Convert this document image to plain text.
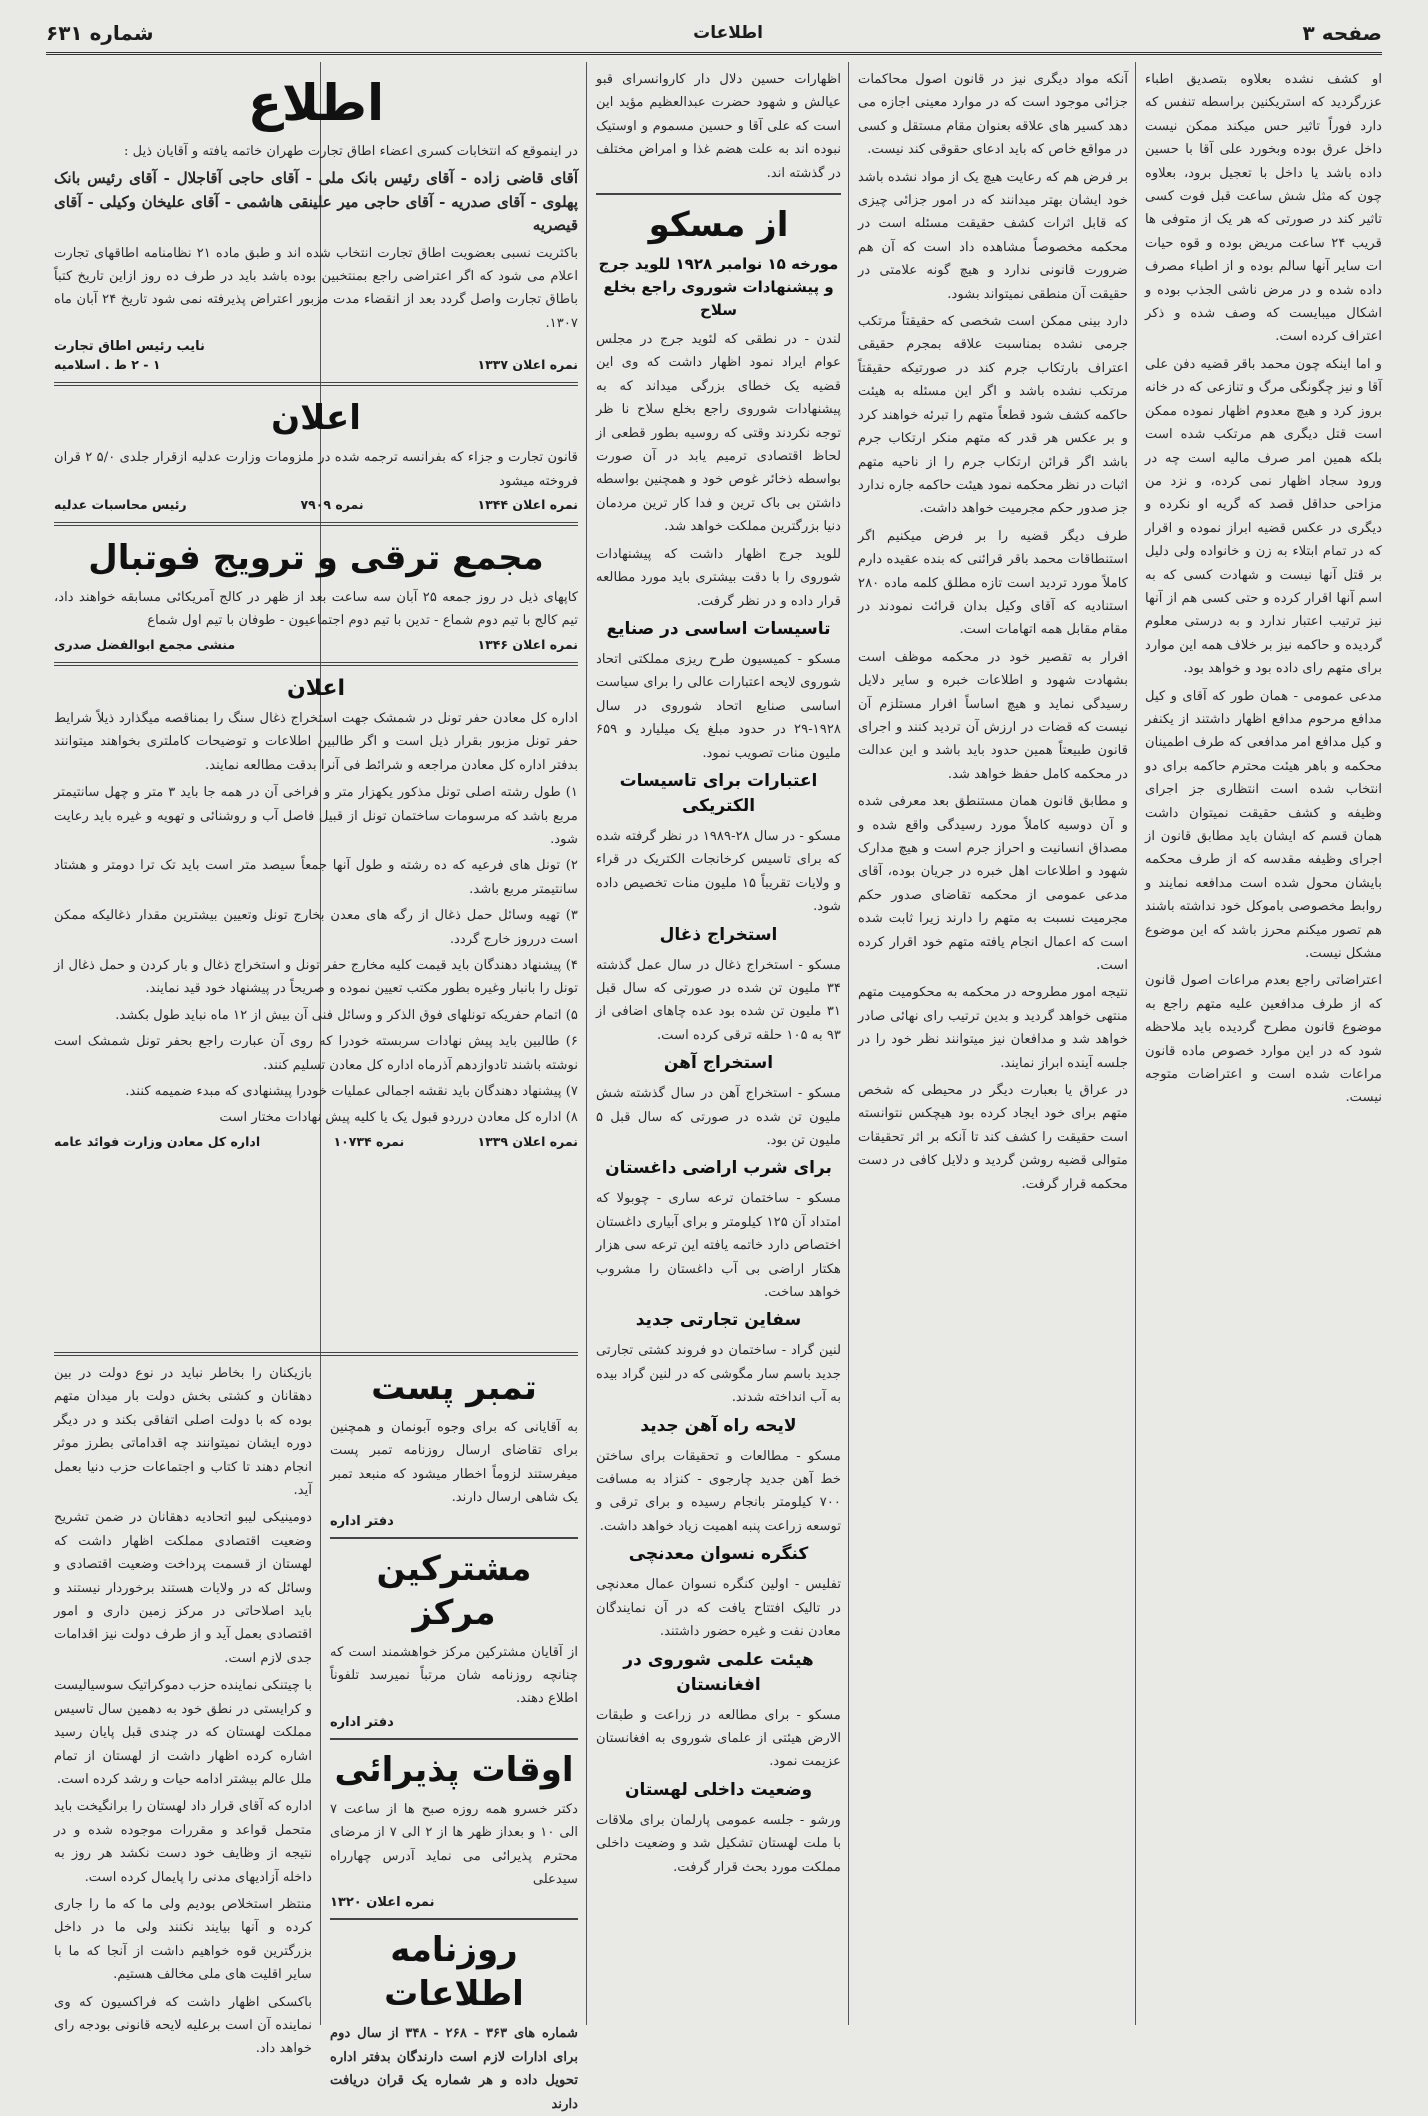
صفحه ۳
اطلاعات
شماره ۶۳۱

او کشف نشده بعلاوه بتصدیق اطباء عزرگرديد که استریکنین براسطه تنفس که دارد فوراً تاثیر حس میکند ممکن نیست داخل عرق بوده وبخورد علی آقا با حسین داده باشد یا داخل با تعجیل برود، بعلاوه چون که مثل شش ساعت قبل فوت کسی تاثیر کند در صورتی که هر یک از متوفی ها قریب ۲۴ ساعت مریض بوده و قوه حیات ات سایر آنها سالم بوده و از اطباء مصرف داده شده و در مرض ناشی الجذب بوده و اشکال میبایست که وصف شده و ذکر اعتراف کرده است.

و اما اینکه چون محمد باقر قضیه دفن علی آقا و نیز چگونگی مرگ و تنازعی که در خانه بروز کرد و هیچ معدوم اظهار نموده ممکن است قتل دیگری هم مرتکب شده است بلکه همین امر صرف مالیه است چه در ورود سجاد اظهار نمی کرده، و نزد من مزاحی حداقل قصد که گریه او نکرده و دیگری در عکس قضیه ابراز نموده و اقرار که در تمام ابتلاء به زن و خانواده ولی دلیل بر قتل آنها نیست و شهادت کسی که به اسم آنها اقرار کرده و حتی کسی هم از آنها نیز ترتیب اعتبار ندارد و به درستی معلوم گردیده و حاکمه نیز بر خلاف همه این موارد برای متهم رای داده بود و خواهد بود.

مدعی عمومی - همان طور که آقای و کیل مدافع مرحوم مدافع اظهار داشتند از یکنفر و کیل مدافع امر مدافعی که طرف اطمینان محکمه و باهر هیئت محترم حاکمه برای دو انتخاب شده است انتظاری جز اجرای وظیفه و کشف حقیقت نمیتوان داشت همان قسم که ایشان باید مطابق قانون از اجرای وظیفه مقدسه که از طرف محکمه بایشان محول شده است مدافعه نمایند و روابط مخصوصی باموکل خود نداشته باشند هم تصور میکنم محرز باشد که این موضوع مشکل نیست.

اعتراضاتی راجع بعدم مراعات اصول قانون که از طرف مدافعین علیه متهم راجع به موضوع قانون مطرح گردیده باید ملاحظه شود که در این موارد خصوص ماده قانون مراعات شده است و اعتراضات متوجه نیست.

آنکه مواد دیگری نیز در قانون اصول محاکمات جزائی موجود است که در موارد معینی اجازه می دهد کسیر های علاقه بعنوان مقام مستقل و کسی در مواقع خاص که باید ادعای حقوقی کند نیست.

بر فرض هم که رعایت هیچ یک از مواد نشده باشد خود ایشان بهتر میدانند که در امور جزائی چیزی که قابل اثرات کشف حقیقت مسئله است در محکمه مخصوصاً مشاهده داد است که آن هم ضرورت قانونی ندارد و هیچ گونه علامتی در حقیقت آن منطقی نمیتواند بشود.

دارد بینی ممکن است شخصی که حقیقتاً مرتکب جرمی نشده بمناسبت علاقه بمجرم حقیقی اعتراف بارتکاب جرم کند در صورتیکه حقیقتاً مرتکب نشده باشد و اگر این مسئله به هیئت حاکمه کشف شود قطعاً متهم را تبرئه خواهند کرد و بر عکس هر قدر که متهم منکر ارتکاب جرم باشد اگر قرائن ارتکاب جرم را از ناحیه متهم اثبات در نظر محکمه نمود هیئت حاکمه جاره ندارد جز صدور حکم مجرمیت خواهد داشت.

طرف دیگر قضیه را بر فرض میکنیم اگر استنطاقات محمد باقر قرائنی که بنده عقیده دارم کاملاً مورد تردید است تازه مطلق کلمه ماده ۲۸۰ استنادیه که آقای وکیل بدان قرائت نمودند در مقام مقابل همه اتهامات است.

افرار به تقصیر خود در محکمه موظف است بشهادت شهود و اطلاعات خبره و سایر دلایل رسیدگی نماید و هیچ اساساً افرار مستلزم آن نیست که قضات در ارزش آن تردید کنند و اجرای قانون طبیعتاً همین حدود باید باشد و این عدالت در محکمه کامل حفظ خواهد شد.

و مطابق قانون همان مستنطق بعد معرفی شده و آن دوسیه کاملاً مورد رسیدگی واقع شده و مصداق انسانیت و احراز جرم است و هیچ مدارک شهود و اطلاعات اهل خبره در جریان بوده، آقای مدعی عمومی از محکمه تقاضای صدور حکم مجرمیت نسبت به متهم را دارند زیرا ثابت شده است که اعمال انجام یافته متهم خود اقرار کرده است.

نتیجه امور مطروحه در محکمه به محکومیت متهم منتهی خواهد گردید و بدین ترتیب رای نهائی صادر خواهد شد و مدافعان نیز میتوانند نظر خود را در جلسه آینده ابراز نمایند.

در عراق یا بعبارت دیگر در محیطی که شخص متهم برای خود ایجاد کرده بود هیچکس نتوانسته است حقیقت را کشف کند تا آنکه بر اثر تحقیقات متوالی قضیه روشن گردید و دلایل کافی در دست محکمه قرار گرفت.

اظهارات حسین دلال دار کاروانسرای قبو عیالش و شهود حضرت عبدالعظیم مؤید این است که علی آقا و حسین مسموم و اوستیک نبوده اند به علت هضم غذا و امراض مختلف در گذشته اند.

از مسکو
مورخه ۱۵ نوامبر ۱۹۲۸ للوید جرج و پیشنهادات شوروی راجع بخلع سلاح

لندن - در نطقی که لئوید جرج در مجلس عوام ایراد نمود اظهار داشت که وی این قضیه یک خطای بزرگی میداند که به پیشنهادات شوروی راجع بخلع سلاح نا ظر توجه نکردند وقتی که روسیه بطور قطعی از لحاظ اقتصادی ترمیم یابد در آن صورت بواسطه ذخائر غوص خود و همچنین بواسطه داشتن بی باک ترین و فدا کار ترین مردمان دنیا بزرگترین مملکت خواهد شد.

للوید جرج اظهار داشت که پیشنهادات شوروی را با دقت بیشتری باید مورد مطالعه قرار داده و در نظر گرفت.

تاسیسات اساسی در صنایع

مسکو - کمیسیون طرح ریزی مملکتی اتحاد شوروی لایحه اعتبارات عالی را برای سیاست اساسی صنایع اتحاد شوروی در سال ۱۹۲۸-۲۹ در حدود مبلغ یک میلیارد و ۶۵۹ ملیون منات تصویب نمود.

اعتبارات برای تاسیسات الکتریکی

مسکو - در سال ۲۸-۱۹۸۹ در نظر گرفته شده که برای تاسیس کرخانجات الکتریک در قراء و ولایات تقریباً ۱۵ ملیون منات تخصیص داده شود.

استخراج ذغال

مسکو - استخراج ذغال در سال عمل گذشته ۳۴ ملیون تن شده در صورتی که سال قبل ۳۱ ملیون تن شده بود عده چاهای اضافی از ۹۳ به ۱۰۵ حلقه ترقی کرده است.

استخراج آهن

مسکو - استخراج آهن در سال گذشته شش ملیون تن شده در صورتی که سال قبل ۵ ملیون تن بود.

برای شرب اراضی داغستان

مسکو - ساختمان ترعه ساری - چوبولا که امتداد آن ۱۲۵ کیلومتر و برای آبیاری داغستان اختصاص دارد خاتمه یافته این ترعه سی هزار هکتار اراضی بی آب داغستان را مشروب خواهد ساخت.

سفاین تجارتی جدید

لنین گراد - ساختمان دو فروند کشتی تجارتی جدید باسم سار مگوشی که در لنین گراد بیده به آب انداخته شدند.

لایحه راه آهن جدید

مسکو - مطالعات و تحقیقات برای ساختن خط آهن جدید چارجوی - کنزاد به مسافت ۷۰۰ کیلومتر بانجام رسیده و برای ترقی و توسعه زراعت پنبه اهمیت زیاد خواهد داشت.

کنگره نسوان معدنچی

تفلیس - اولین کنگره نسوان عمال معدنچی در تالیک افتتاح یافت که در آن نمایندگان معادن نفت و غیره حضور داشتند.

هیئت علمی شوروی در افغانستان

مسکو - برای مطالعه در زراعت و طبقات الارض هیئتی از علمای شوروی به افغانستان عزیمت نمود.

وضعیت داخلی لهستان

ورشو - جلسه عمومی پارلمان برای ملاقات با ملت لهستان تشکیل شد و وضعیت داخلی مملکت مورد بحث قرار گرفت.

اطلاع

در اینموقع که انتخابات کسری اعضاء اطاق تجارت طهران خاتمه یافته و آقایان ذیل :

آقای قاضی زاده - آقای رئیس بانک ملی - آقای حاجی آقاجلال - آقای رئیس بانک پهلوی - آقای صدریه - آقای حاجی میر علینقی هاشمی - آقای علیخان وکیلی - آقای قیصریه

باکثریت نسبی بعضویت اطاق تجارت انتخاب شده اند و طبق ماده ۲۱ نظامنامه اطاقهای تجارت اعلام می شود که اگر اعتراضی راجع بمنتخبین بوده باشد باید در طرف ده روز ازاین تاریخ کتباً باطاق تجارت واصل گردد بعد از انقضاء مدت مزبور اعتراض پذیرفته نمی شود تاریخ ۲۴ آبان ماه ۱۳۰۷.

نایب رئیس اطاق تجارت
نمره اعلان ۱۳۳۷
۱ - ۲ ط . اسلامیه
اعلان

قانون تجارت و جزاء که بفرانسه ترجمه شده در ملزومات وزارت عدلیه ازقرار جلدی ۵/۰ ۲ قران فروخته میشود

نمره اعلان ۱۳۴۴
نمره ۷۹۰۹
رئیس محاسبات عدلیه
مجمع ترقی و ترویج فوتبال

کاپهای ذیل در روز جمعه ۲۵ آبان سه ساعت بعد از ظهر در کالج آمریکائی مسابقه خواهند داد، تیم کالج با تیم دوم شماع - تدین با تیم دوم اجتماعیون - طوفان با تیم اول شماع

نمره اعلان ۱۳۴۶
منشی مجمع ابوالفضل صدری
اعلان

اداره کل معادن حفر تونل در شمشک جهت استخراج ذغال سنگ را بمناقصه میگذارد ذیلاً شرایط حفر تونل مزبور بقرار ذیل است و اگر طالبین اطلاعات و توضیحات کاملتری بخواهند میتوانند بدفتر اداره کل معادن مراجعه و شرائط فی آنرا بدقت مطالعه نمایند.

۱) طول رشته اصلی تونل مذکور یکهزار متر و فراخی آن در همه جا باید ۳ متر و چهل سانتیمتر مربع باشد که مرسومات ساختمان تونل از قبیل فاصل آب و روشنائی و تهویه و غیره باید رعایت شود.

۲) تونل های فرعیه که ده رشته و طول آنها جمعاً سیصد متر است باید تک ترا دومتر و هشتاد سانتیمتر مربع باشد.

۳) تهیه وسائل حمل ذغال از رگه های معدن بخارج تونل وتعیین بیشترین مقدار ذغالیکه ممکن است درروز خارج گردد.

۴) پیشنهاد دهندگان باید قیمت کلیه مخارج حفر تونل و استخراج ذغال و بار کردن و حمل ذغال از تونل را بانبار وغیره بطور مکتب تعیین نموده و صریحاً در پیشنهاد خود قید نمایند.

۵) اتمام حفریکه تونلهای فوق الذکر و وسائل فنی آن بیش از ۱۲ ماه نباید طول بکشد.

۶) طالبین باید پیش نهادات سربسته خودرا که روی آن عبارت راجع بحفر تونل شمشک است نوشته باشند تادوازدهم آذرماه اداره کل معادن تسلیم کنند.

۷) پیشنهاد دهندگان باید نقشه اجمالی عملیات خودرا پیشنهادی که مبدء ضمیمه کنند.

۸) اداره کل معادن درردو قبول یک یا کلیه پیش نهادات مختار است

نمره اعلان ۱۳۳۹
نمره ۱۰۷۳۴
اداره کل معادن وزارت فوائد عامه
تمبر پست

به آقایانی که برای وجوه آبونمان و همچنین برای تقاضای ارسال روزنامه تمبر پست میفرستند لزوماً اخطار میشود که منبعد تمبر یک شاهی ارسال دارند.

دفتر اداره
مشترکین مرکز

از آقایان مشترکین مرکز خواهشمند است که چنانچه روزنامه شان مرتباً نمیرسد تلفوناً اطلاع دهند.

دفتر اداره
اوقات پذیرائی

دکتر خسرو همه روزه صبح ها از ساعت ۷ الی ۱۰ و بعداز ظهر ها از ۲ الی ۷ از مرضای محترم پذیرائی می نماید آدرس چهارراه سیدعلی

نمره اعلان ۱۳۲۰
روزنامه اطلاعات

شماره های ۳۶۳ - ۲۶۸ - ۳۴۸ از سال دوم برای ادارات لازم است دارندگان بدفتر اداره تحویل داده و هر شماره یک قران دریافت دارند

بازیکنان را بخاطر نباید در نوع دولت در بین دهقانان و کشتی بخش دولت بار میدان متهم بوده که با دولت اصلی اتفاقی بکند و در دیگر دوره ایشان نمیتوانند چه اقداماتی بطرز موثر انجام دهند تا کتاب و اجتماعات حزب دنیا بعمل آید.

دومینیکی لیبو اتحادیه دهقانان در ضمن تشریح وضعیت اقتصادی مملکت اظهار داشت که لهستان از قسمت پرداخت وضعیت اقتصادی و وسائل که در ولایات هستند برخوردار نیستند و باید اصلاحاتی در مرکز زمین داری و امور اقتصادی بعمل آید و از طرف دولت نیز اقدامات جدی لازم است.

با چیتنکی نماینده حزب دموکراتیک سوسیالیست و کرایستی در نطق خود به دهمین سال تاسیس مملکت لهستان که در چندی قبل پایان رسید اشاره کرده اظهار داشت از لهستان از تمام ملل عالم بیشتر ادامه حیات و رشد کرده است.

اداره که آقای قرار داد لهستان را برانگیخت باید متحمل قواعد و مقررات موجوده شده و در نتیجه از وظایف خود دست نکشد هر روز به داخله آزادیهای مدنی را پایمال کرده است.

منتظر استخلاص بودیم ولی ما که ما را جاری کرده و آنها بیایند نکنند ولی ما در داخل بزرگترین قوه خواهیم داشت از آنجا که ما با سایر اقلیت های ملی مخالف هستیم.

باکسکی اظهار داشت که فراکسیون که وی نماینده آن است برعلیه لایحه قانونی بودجه رای خواهد داد.
